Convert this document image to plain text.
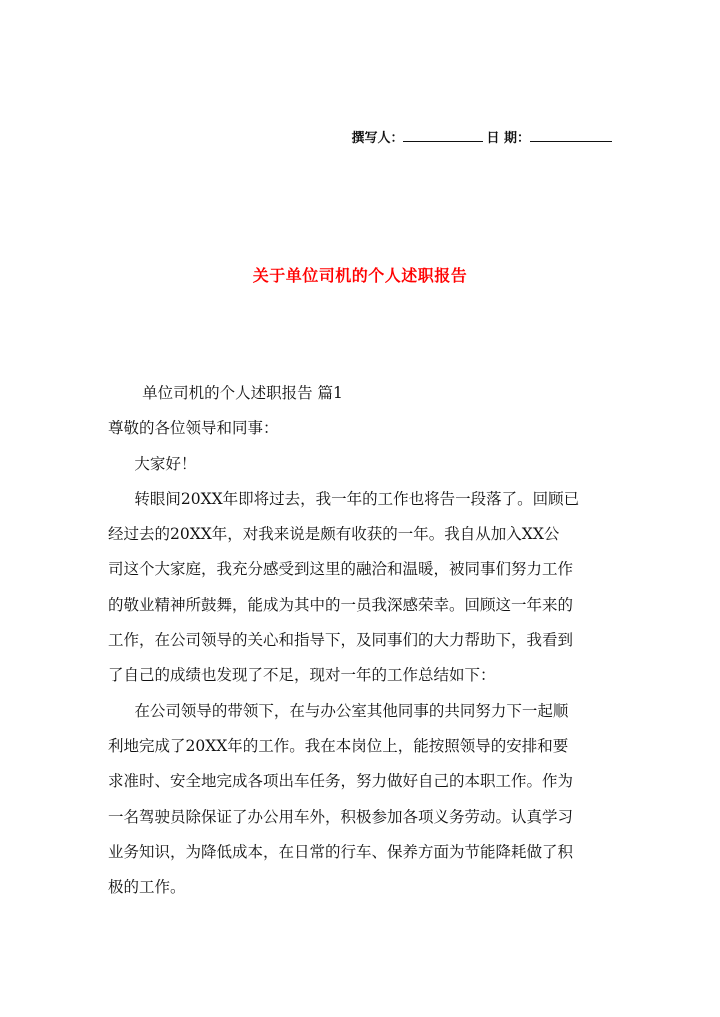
撰写人：	日 期：
关于单位司机的个人述职报告

单位司机的个人述职报告 篇1

尊敬的各位领导和同事：

大家好！

转眼间20XX年即将过去，我一年的工作也将告一段落了。回顾已

经过去的20XX年，对我来说是颇有收获的一年。我自从加入XX公

司这个大家庭，我充分感受到这里的融洽和温暖，被同事们努力工作

的敬业精神所鼓舞，能成为其中的一员我深感荣幸。回顾这一年来的

工作，在公司领导的关心和指导下，及同事们的大力帮助下，我看到

了自己的成绩也发现了不足，现对一年的工作总结如下：

在公司领导的带领下，在与办公室其他同事的共同努力下一起顺

利地完成了20XX年的工作。我在本岗位上，能按照领导的安排和要

求准时、安全地完成各项出车任务，努力做好自己的本职工作。作为

一名驾驶员除保证了办公用车外，积极参加各项义务劳动。认真学习

业务知识，为降低成本，在日常的行车、保养方面为节能降耗做了积

极的工作。
